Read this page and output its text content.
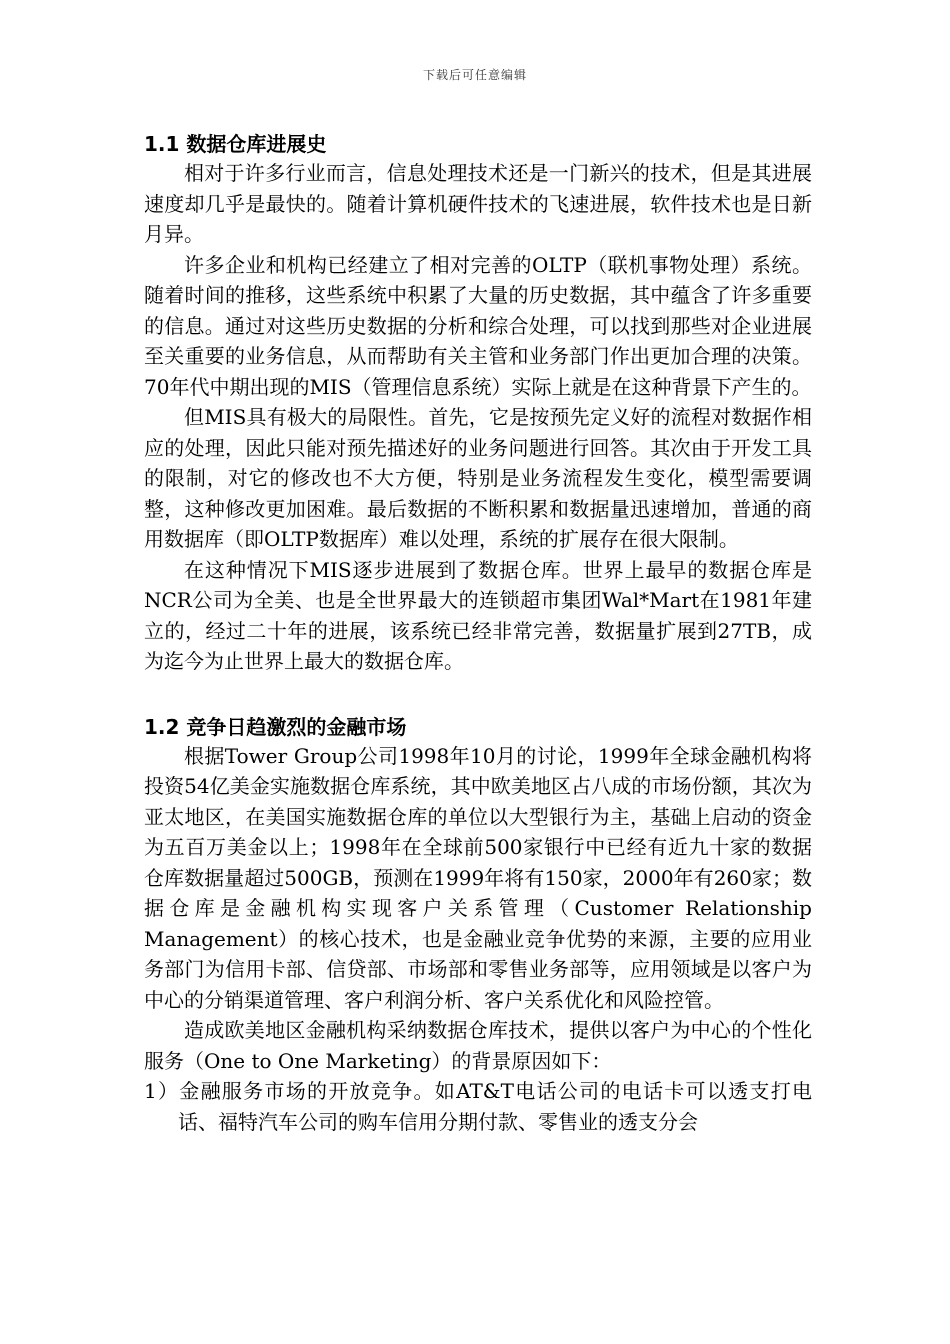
下载后可任意编辑
1.1 数据仓库进展史

相对于许多行业而言，信息处理技术还是一门新兴的技术，但是其进展速度却几乎是最快的。随着计算机硬件技术的飞速进展，软件技术也是日新月异。

许多企业和机构已经建立了相对完善的OLTP（联机事物处理）系统。随着时间的推移，这些系统中积累了大量的历史数据，其中蕴含了许多重要的信息。通过对这些历史数据的分析和综合处理，可以找到那些对企业进展至关重要的业务信息，从而帮助有关主管和业务部门作出更加合理的决策。70年代中期出现的MIS（管理信息系统）实际上就是在这种背景下产生的。

但MIS具有极大的局限性。首先，它是按预先定义好的流程对数据作相应的处理，因此只能对预先描述好的业务问题进行回答。其次由于开发工具的限制，对它的修改也不大方便，特别是业务流程发生变化，模型需要调整，这种修改更加困难。最后数据的不断积累和数据量迅速增加，普通的商用数据库（即OLTP数据库）难以处理，系统的扩展存在很大限制。

在这种情况下MIS逐步进展到了数据仓库。世界上最早的数据仓库是NCR公司为全美、也是全世界最大的连锁超市集团Wal*Mart在1981年建立的，经过二十年的进展，该系统已经非常完善，数据量扩展到27TB，成为迄今为止世界上最大的数据仓库。

1.2 竞争日趋激烈的金融市场

根据Tower Group公司1998年10月的讨论，1999年全球金融机构将投资54亿美金实施数据仓库系统，其中欧美地区占八成的市场份额，其次为亚太地区，在美国实施数据仓库的单位以大型银行为主，基础上启动的资金为五百万美金以上；1998年在全球前500家银行中已经有近九十家的数据仓库数据量超过500GB，预测在1999年将有150家，2000年有260家；数据仓库是金融机构实现客户关系管理（Customer Relationship Management）的核心技术，也是金融业竞争优势的来源，主要的应用业务部门为信用卡部、信贷部、市场部和零售业务部等，应用领域是以客户为中心的分销渠道管理、客户利润分析、客户关系优化和风险控管。

造成欧美地区金融机构采纳数据仓库技术，提供以客户为中心的个性化服务（One to One Marketing）的背景原因如下：

1）金融服务市场的开放竞争。如AT&T电话公司的电话卡可以透支打电话、福特汽车公司的购车信用分期付款、零售业的透支分会
